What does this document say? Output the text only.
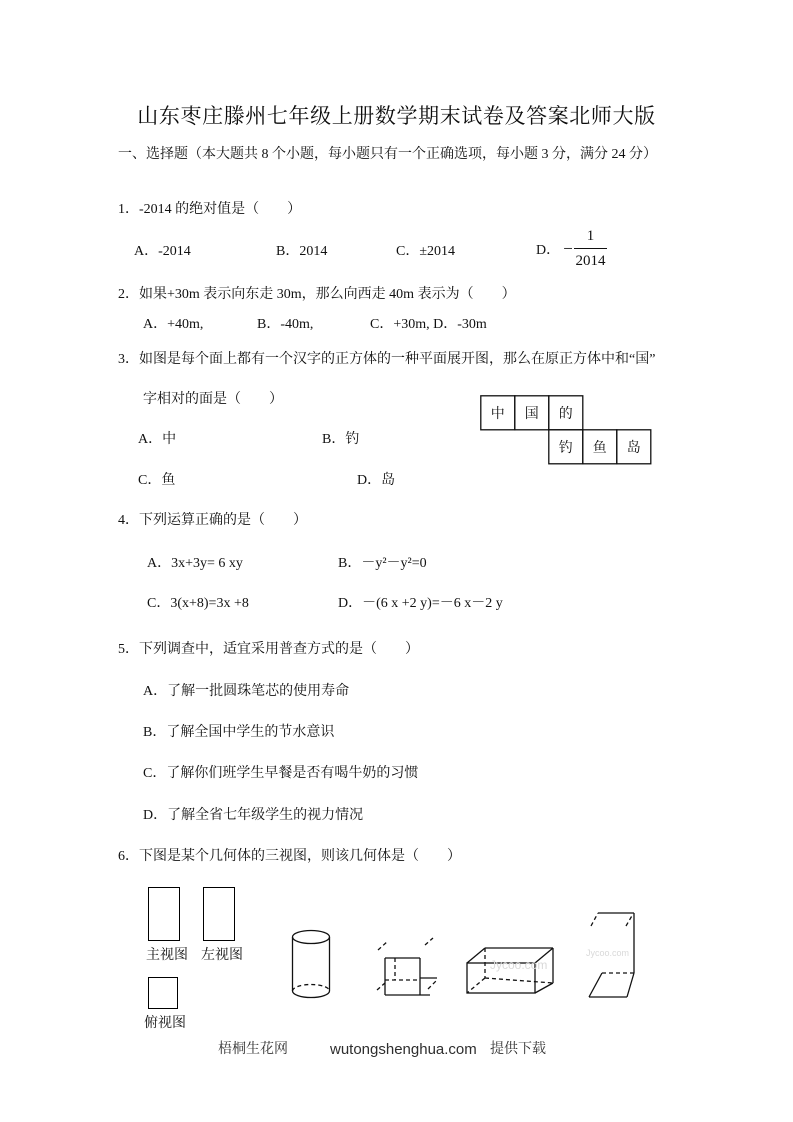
山东枣庄滕州七年级上册数学期末试卷及答案北师大版
一、选择题（本大题共 8 个小题，每小题只有一个正确选项，每小题 3 分，满分 24 分）
1．-2014 的绝对值是（　　）
A．-2014	B．2014	C．±2014	D． − $\frac{1}{2014}$
2．如果+30m 表示向东走 30m，那么向西走 40m 表示为（　　）
A．+40m,	B．-40m,	C．+30m, D．-30m
3．如图是每个面上都有一个汉字的正方体的一种平面展开图，那么在原正方体中和“国”
字相对的面是（　　）
A．中	B．钓
C．鱼	D．岛
中 国 的
钓 鱼 岛
4．下列运算正确的是（　　）
A．3x+3y= 6 xy	B．－y²－y²=0
C．3(x+8)=3x +8	D．－(6 x +2 y)=－6 x－2 y
5．下列调查中，适宜采用普查方式的是（　　）
A．了解一批圆珠笔芯的使用寿命
B．了解全国中学生的节水意识
C．了解你们班学生早餐是否有喝牛奶的习惯
D．了解全省七年级学生的视力情况
6．下图是某个几何体的三视图，则该几何体是（　　）
主视图 左视图
俯视图
Jycoo.com
Jycoo.com
梧桐生花网	wutongshenghua.com 提供下载
